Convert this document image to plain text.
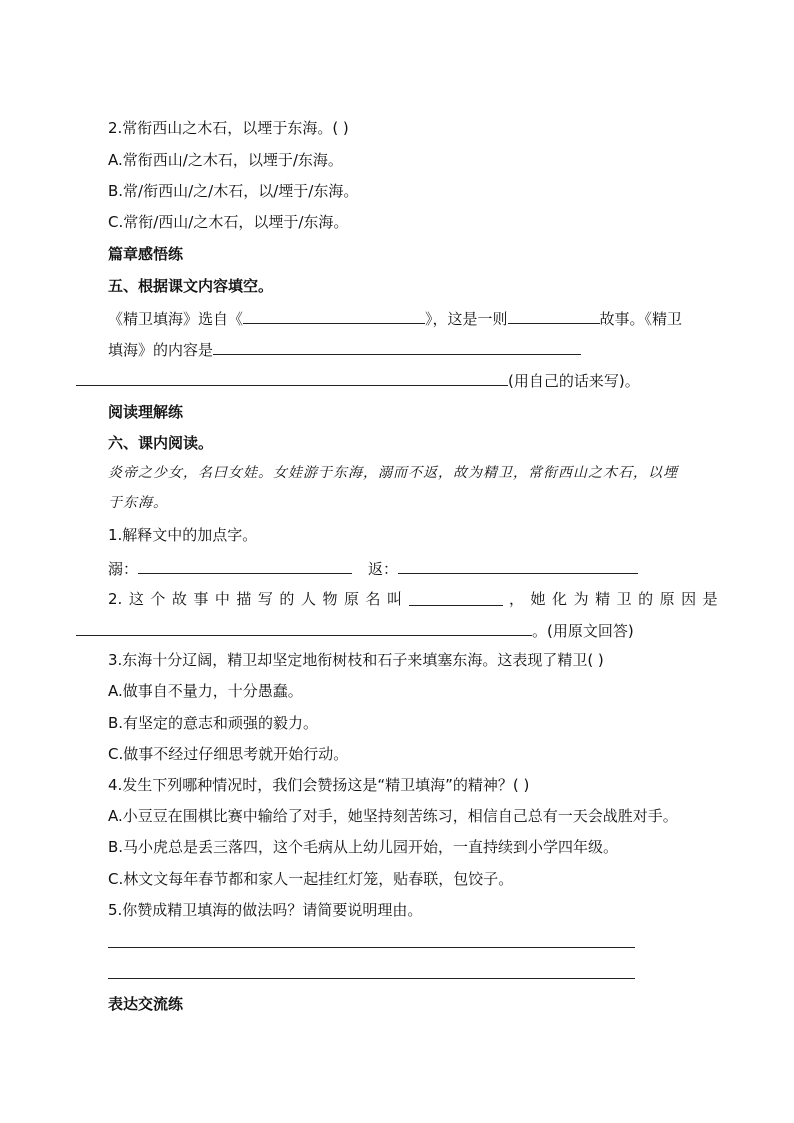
2.常衔西山之木石，以堙于东海。( )
A.常衔西山/之木石，以堙于/东海。
B.常/衔西山/之/木石，以/堙于/东海。
C.常衔/西山/之木石，以堙于/东海。
篇章感悟练
五、根据课文内容填空。
《精卫填海》选自《	》，这是一则	故事。《精卫
填海》的内容是
(用自己的话来写)。
阅读理解练
六、课内阅读。
炎帝之少女，名曰女娃。女娃游于东海，溺而不返，故为精卫，常衔西山之木石，以堙
于东海。
1.解释文中的加点字。
溺：	返：
2. 这 个 故 事 中 描 写 的 人 物 原 名 叫	， 她 化 为 精 卫 的 原 因 是
。(用原文回答)
3.东海十分辽阔，精卫却坚定地衔树枝和石子来填塞东海。这表现了精卫( )
A.做事自不量力，十分愚蠢。
B.有坚定的意志和顽强的毅力。
C.做事不经过仔细思考就开始行动。
4.发生下列哪种情况时，我们会赞扬这是“精卫填海”的精神？( )
A.小豆豆在围棋比赛中输给了对手，她坚持刻苦练习，相信自己总有一天会战胜对手。
B.马小虎总是丢三落四，这个毛病从上幼儿园开始，一直持续到小学四年级。
C.林文文每年春节都和家人一起挂红灯笼，贴春联，包饺子。
5.你赞成精卫填海的做法吗？请简要说明理由。
表达交流练
